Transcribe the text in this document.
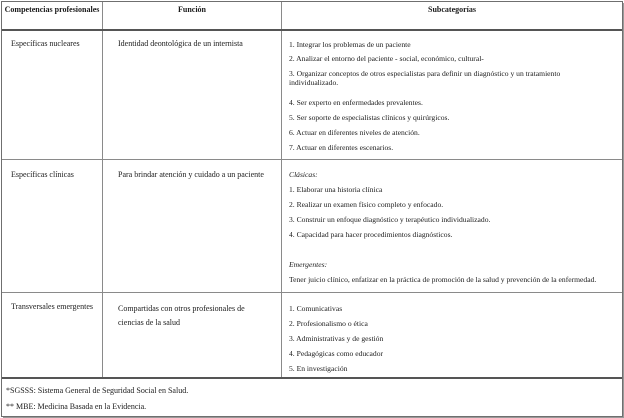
Competencias profesionales	Función	Subcategorías
Específicas nucleares	Identidad deontológica de un internista	1. Integrar los problemas de un paciente
2. Analizar el entorno del paciente - social, económico, cultural-
3. Organizar conceptos de otros especialistas para definir un diagnóstico y un tratamiento individualizado.
4. Ser experto en enfermedades prevalentes.
5. Ser soporte de especialistas clínicos y quirúrgicos.
6. Actuar en diferentes niveles de atención.
7. Actuar en diferentes escenarios.
Específicas clínicas	Para brindar atención y cuidado a un paciente	Clásicas:
1. Elaborar una historia clínica
2. Realizar un examen físico completo y enfocado.
3. Construir un enfoque diagnóstico y terapéutico individualizado.
4. Capacidad para hacer procedimientos diagnósticos.
Emergentes:
Tener juicio clínico, enfatizar en la práctica de promoción de la salud y prevención de la enfermedad.
Transversales emergentes	Compartidas con otros profesionales de ciencias de la salud
1. Comunicativas
2. Profesionalismo o ética
3. Administrativas y de gestión
4. Pedagógicas como educador
5. En investigación
*SGSSS: Sistema General de Seguridad Social en Salud.
** MBE: Medicina Basada en la Evidencia.
